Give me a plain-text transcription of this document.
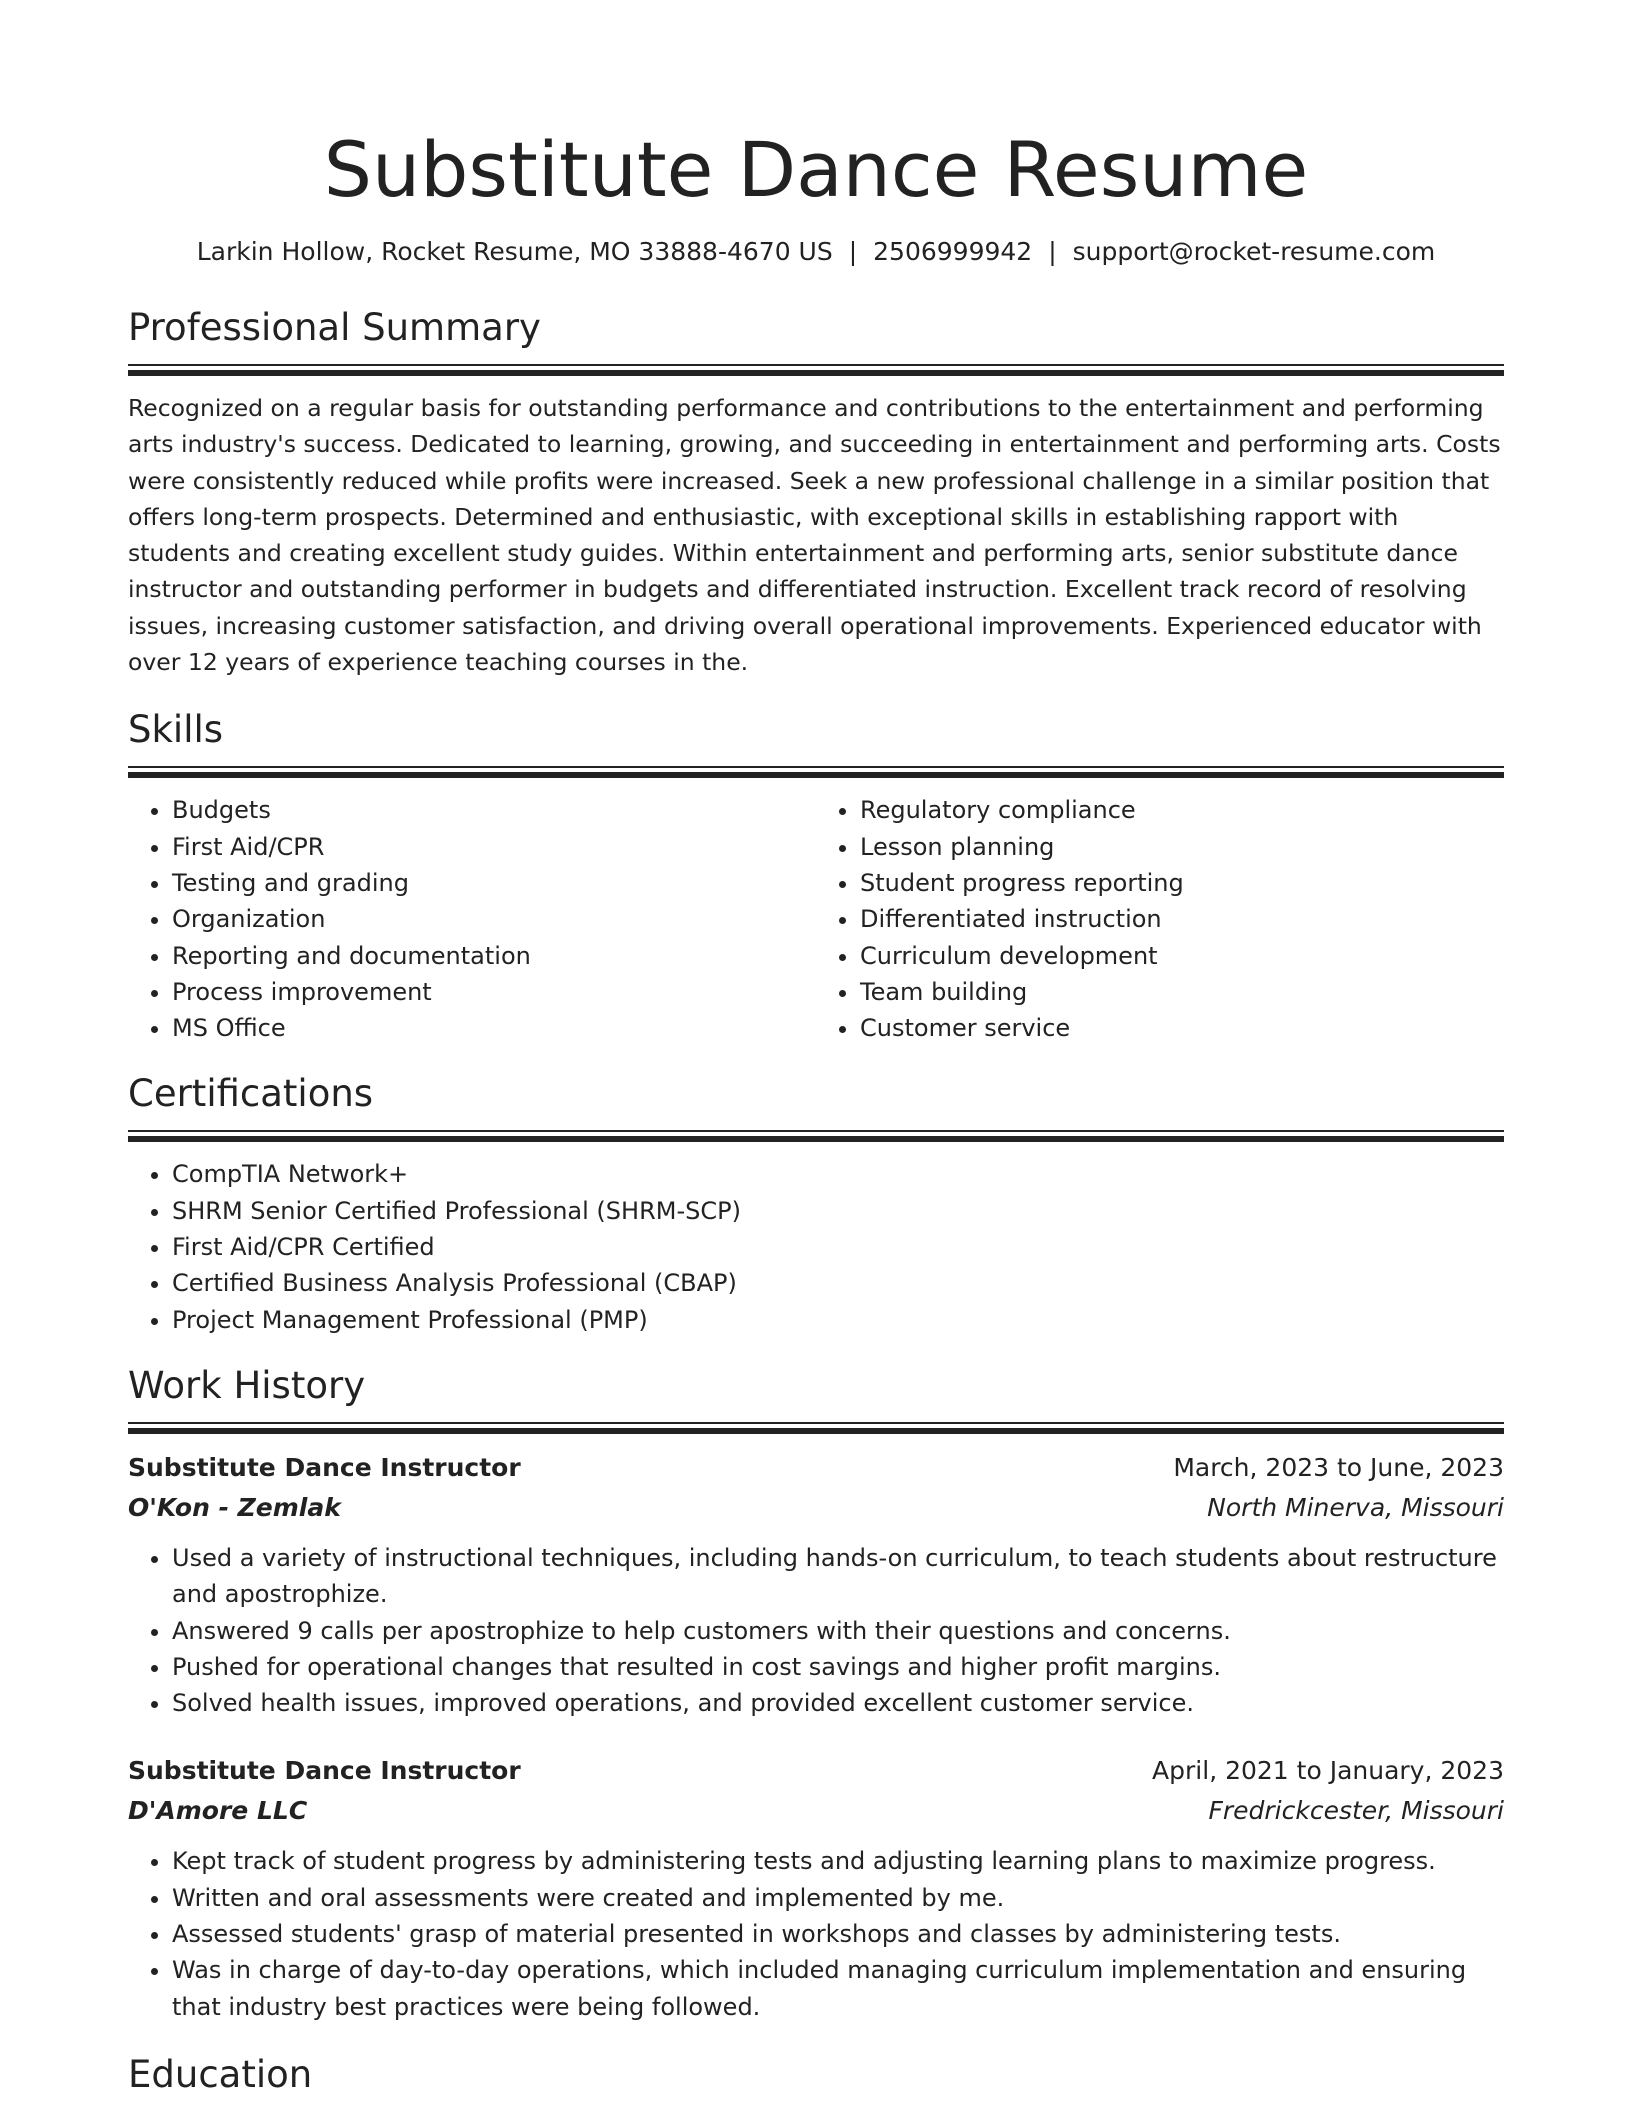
Substitute Dance Resume
Larkin Hollow, Rocket Resume, MO 33888-4670 US | 2506999942 | support@rocket-resume.com
Professional Summary

Recognized on a regular basis for outstanding performance and contributions to the entertainment and performing arts industry's success. Dedicated to learning, growing, and succeeding in entertainment and performing arts. Costs were consistently reduced while profits were increased. Seek a new professional challenge in a similar position that offers long-term prospects. Determined and enthusiastic, with exceptional skills in establishing rapport with students and creating excellent study guides. Within entertainment and performing arts, senior substitute dance instructor and outstanding performer in budgets and differentiated instruction. Excellent track record of resolving issues, increasing customer satisfaction, and driving overall operational improvements. Experienced educator with over 12 years of experience teaching courses in the.

Skills
• Budgets
• First Aid/CPR
• Testing and grading
• Organization
• Reporting and documentation
• Process improvement
• MS Office
• Regulatory compliance
• Lesson planning
• Student progress reporting
• Differentiated instruction
• Curriculum development
• Team building
• Customer service
Certifications
• CompTIA Network+
• SHRM Senior Certified Professional (SHRM-SCP)
• First Aid/CPR Certified
• Certified Business Analysis Professional (CBAP)
• Project Management Professional (PMP)
Work History
Substitute Dance Instructor	March, 2023 to June, 2023
O'Kon - Zemlak	North Minerva, Missouri
• Used a variety of instructional techniques, including hands-on curriculum, to teach students about restructure and apostrophize.
• Answered 9 calls per apostrophize to help customers with their questions and concerns.
• Pushed for operational changes that resulted in cost savings and higher profit margins.
• Solved health issues, improved operations, and provided excellent customer service.
Substitute Dance Instructor	April, 2021 to January, 2023
D'Amore LLC	Fredrickcester, Missouri
• Kept track of student progress by administering tests and adjusting learning plans to maximize progress.
• Written and oral assessments were created and implemented by me.
• Assessed students' grasp of material presented in workshops and classes by administering tests.
• Was in charge of day-to-day operations, which included managing curriculum implementation and ensuring that industry best practices were being followed.
Education
